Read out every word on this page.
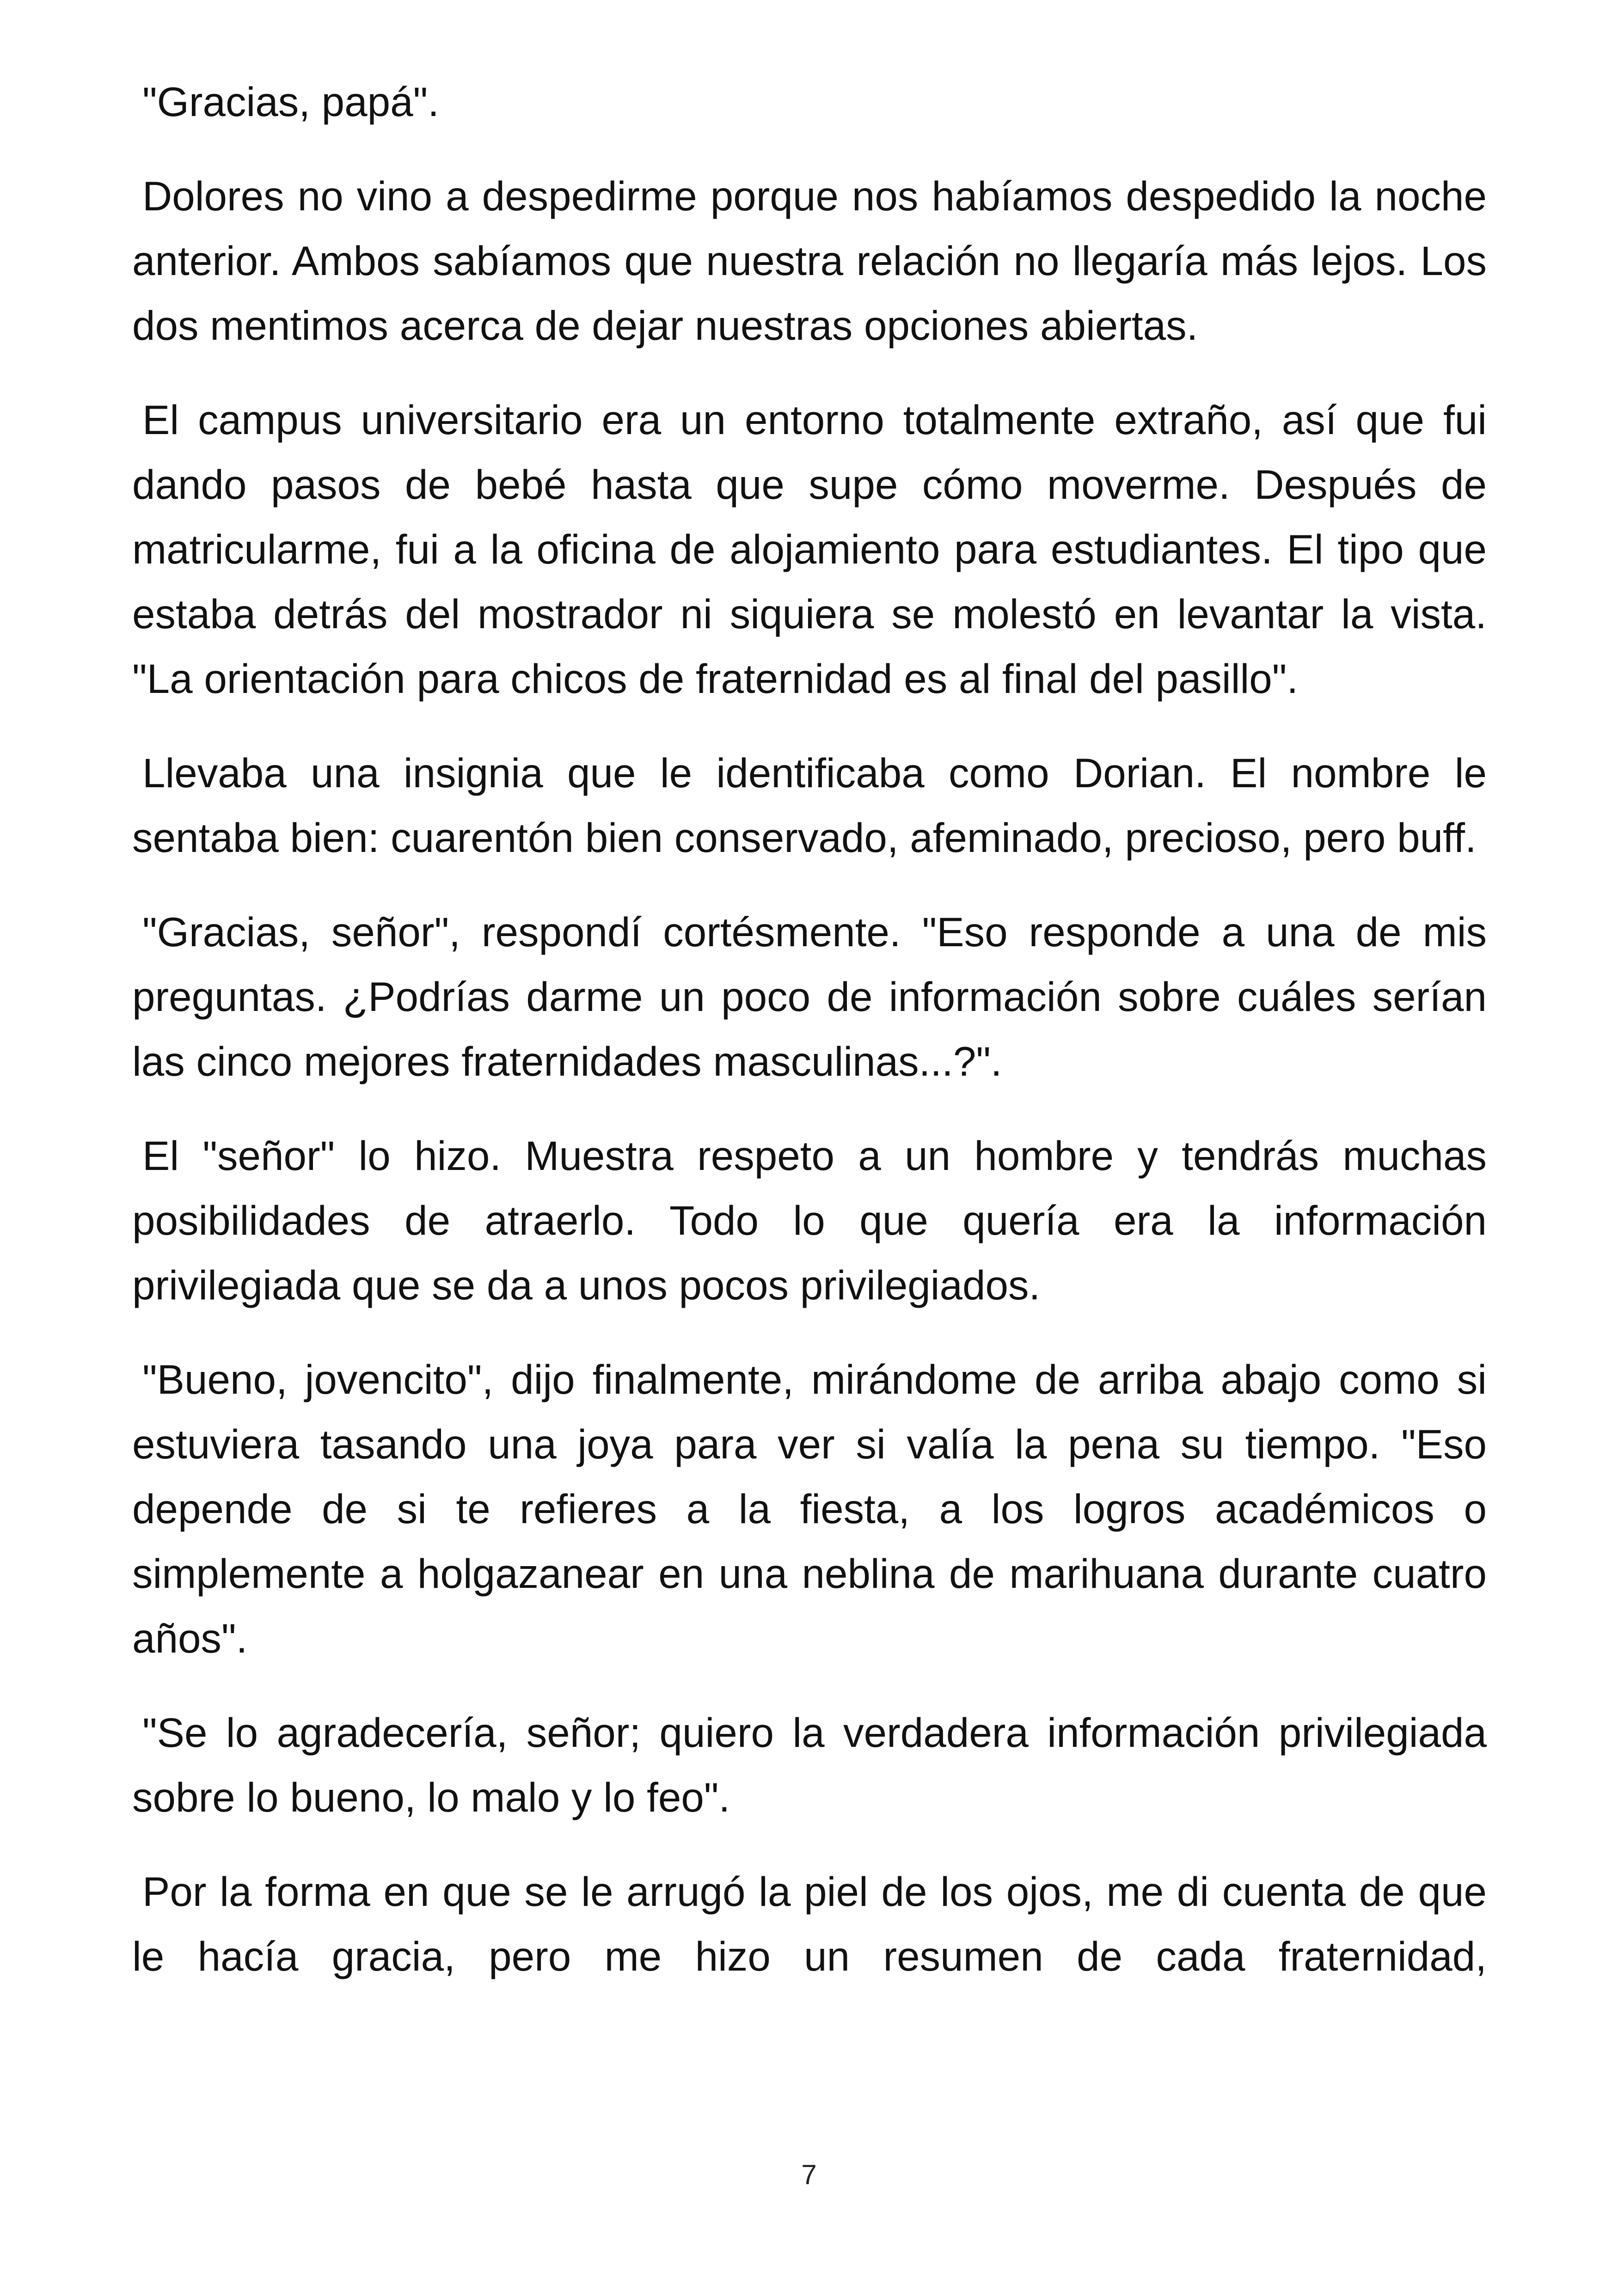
"Gracias, papá".

Dolores no vino a despedirme porque nos habíamos despedido la noche anterior. Ambos sabíamos que nuestra relación no llegaría más lejos. Los dos mentimos acerca de dejar nuestras opciones abiertas.

El campus universitario era un entorno totalmente extraño, así que fui dando pasos de bebé hasta que supe cómo moverme. Después de matricularme, fui a la oficina de alojamiento para estudiantes. El tipo que estaba detrás del mostrador ni siquiera se molestó en levantar la vista. "La orientación para chicos de fraternidad es al final del pasillo".

Llevaba una insignia que le identificaba como Dorian. El nombre le sentaba bien: cuarentón bien conservado, afeminado, precioso, pero buff.

"Gracias, señor", respondí cortésmente. "Eso responde a una de mis preguntas. ¿Podrías darme un poco de información sobre cuáles serían las cinco mejores fraternidades masculinas...?".

El "señor" lo hizo. Muestra respeto a un hombre y tendrás muchas posibilidades de atraerlo. Todo lo que quería era la información privilegiada que se da a unos pocos privilegiados.

"Bueno, jovencito", dijo finalmente, mirándome de arriba abajo como si estuviera tasando una joya para ver si valía la pena su tiempo. "Eso depende de si te refieres a la fiesta, a los logros académicos o simplemente a holgazanear en una neblina de marihuana durante cuatro años".

"Se lo agradecería, señor; quiero la verdadera información privilegiada sobre lo bueno, lo malo y lo feo".

Por la forma en que se le arrugó la piel de los ojos, me di cuenta de que le hacía gracia, pero me hizo un resumen de cada fraternidad,

7
